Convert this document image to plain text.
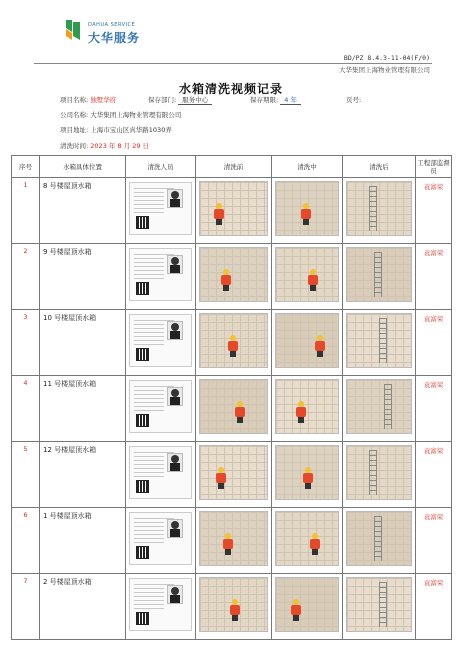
DAHUA SERVICE
大华服务
BD/PZ 8.4.3-11-04(F/0)
大华集团上海物业管理有限公司
水箱清洗视频记录
项目名称: 独墅华府	保存部门: 服务中心	保存期限: 4 年	页号:
公司名称: 大华集团上海物业管理有限公司
项目地址: 上海市宝山区真华路1030弄
清洗时间: 2023 年 8 月 29 日
序号	水箱具体位置	清洗人员	清洗前	清洗中	清洗后	工程部监督员
1	8 号楼屋顶水箱					袁富荣
2	9 号楼屋顶水箱					袁富荣
3	10 号楼屋顶水箱					袁富荣
4	11 号楼屋顶水箱					袁富荣
5	12 号楼屋顶水箱					袁富荣
6	1 号楼屋顶水箱					袁富荣
7	2 号楼屋顶水箱					袁富荣
